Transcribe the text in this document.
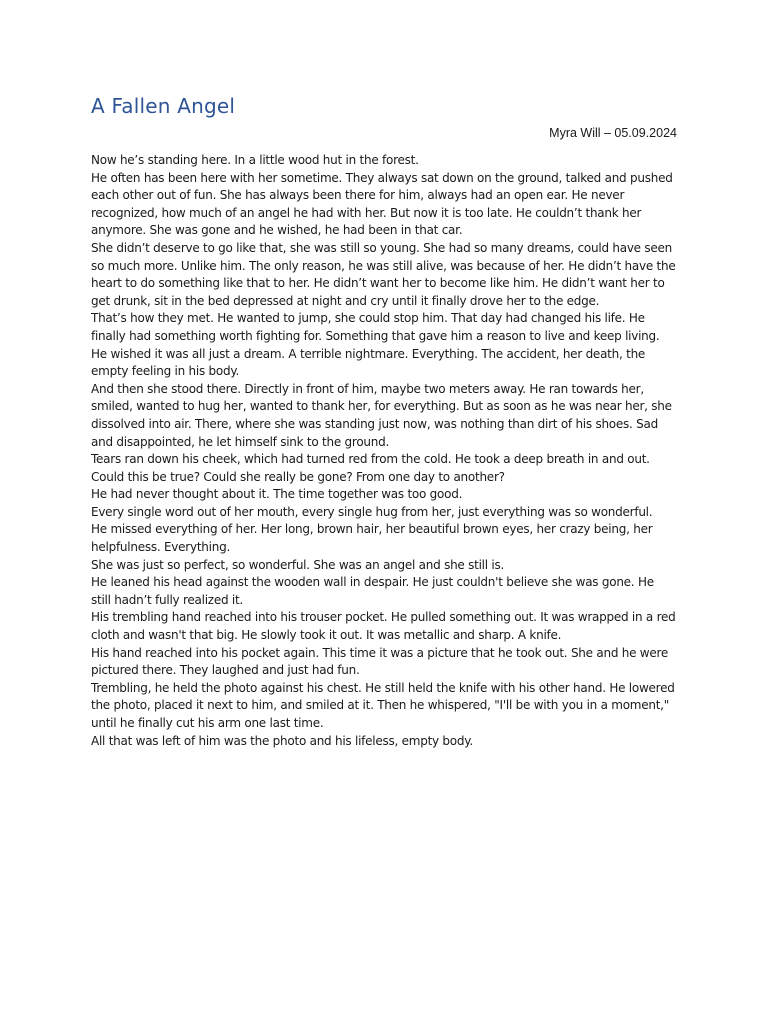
A Fallen Angel
Myra Will – 05.09.2024

Now he’s standing here. In a little wood hut in the forest.

He often has been here with her sometime. They always sat down on the ground, talked and pushed each other out of fun. She has always been there for him, always had an open ear. He never recognized, how much of an angel he had with her. But now it is too late. He couldn’t thank her anymore. She was gone and he wished, he had been in that car.

She didn’t deserve to go like that, she was still so young. She had so many dreams, could have seen so much more. Unlike him. The only reason, he was still alive, was because of her. He didn’t have the heart to do something like that to her. He didn’t want her to become like him. He didn’t want her to get drunk, sit in the bed depressed at night and cry until it finally drove her to the edge.

That’s how they met. He wanted to jump, she could stop him. That day had changed his life. He finally had something worth fighting for. Something that gave him a reason to live and keep living.

He wished it was all just a dream. A terrible nightmare. Everything. The accident, her death, the empty feeling in his body.

And then she stood there. Directly in front of him, maybe two meters away. He ran towards her, smiled, wanted to hug her, wanted to thank her, for everything. But as soon as he was near her, she dissolved into air. There, where she was standing just now, was nothing than dirt of his shoes. Sad and disappointed, he let himself sink to the ground.

Tears ran down his cheek, which had turned red from the cold. He took a deep breath in and out. Could this be true? Could she really be gone? From one day to another?

He had never thought about it. The time together was too good.

Every single word out of her mouth, every single hug from her, just everything was so wonderful.

He missed everything of her. Her long, brown hair, her beautiful brown eyes, her crazy being, her helpfulness. Everything.

She was just so perfect, so wonderful. She was an angel and she still is.

He leaned his head against the wooden wall in despair. He just couldn't believe she was gone. He still hadn’t fully realized it.

His trembling hand reached into his trouser pocket. He pulled something out. It was wrapped in a red cloth and wasn't that big. He slowly took it out. It was metallic and sharp. A knife.

His hand reached into his pocket again. This time it was a picture that he took out. She and he were pictured there. They laughed and just had fun.

Trembling, he held the photo against his chest. He still held the knife with his other hand. He lowered the photo, placed it next to him, and smiled at it. Then he whispered, "I'll be with you in a moment," until he finally cut his arm one last time.

All that was left of him was the photo and his lifeless, empty body.
